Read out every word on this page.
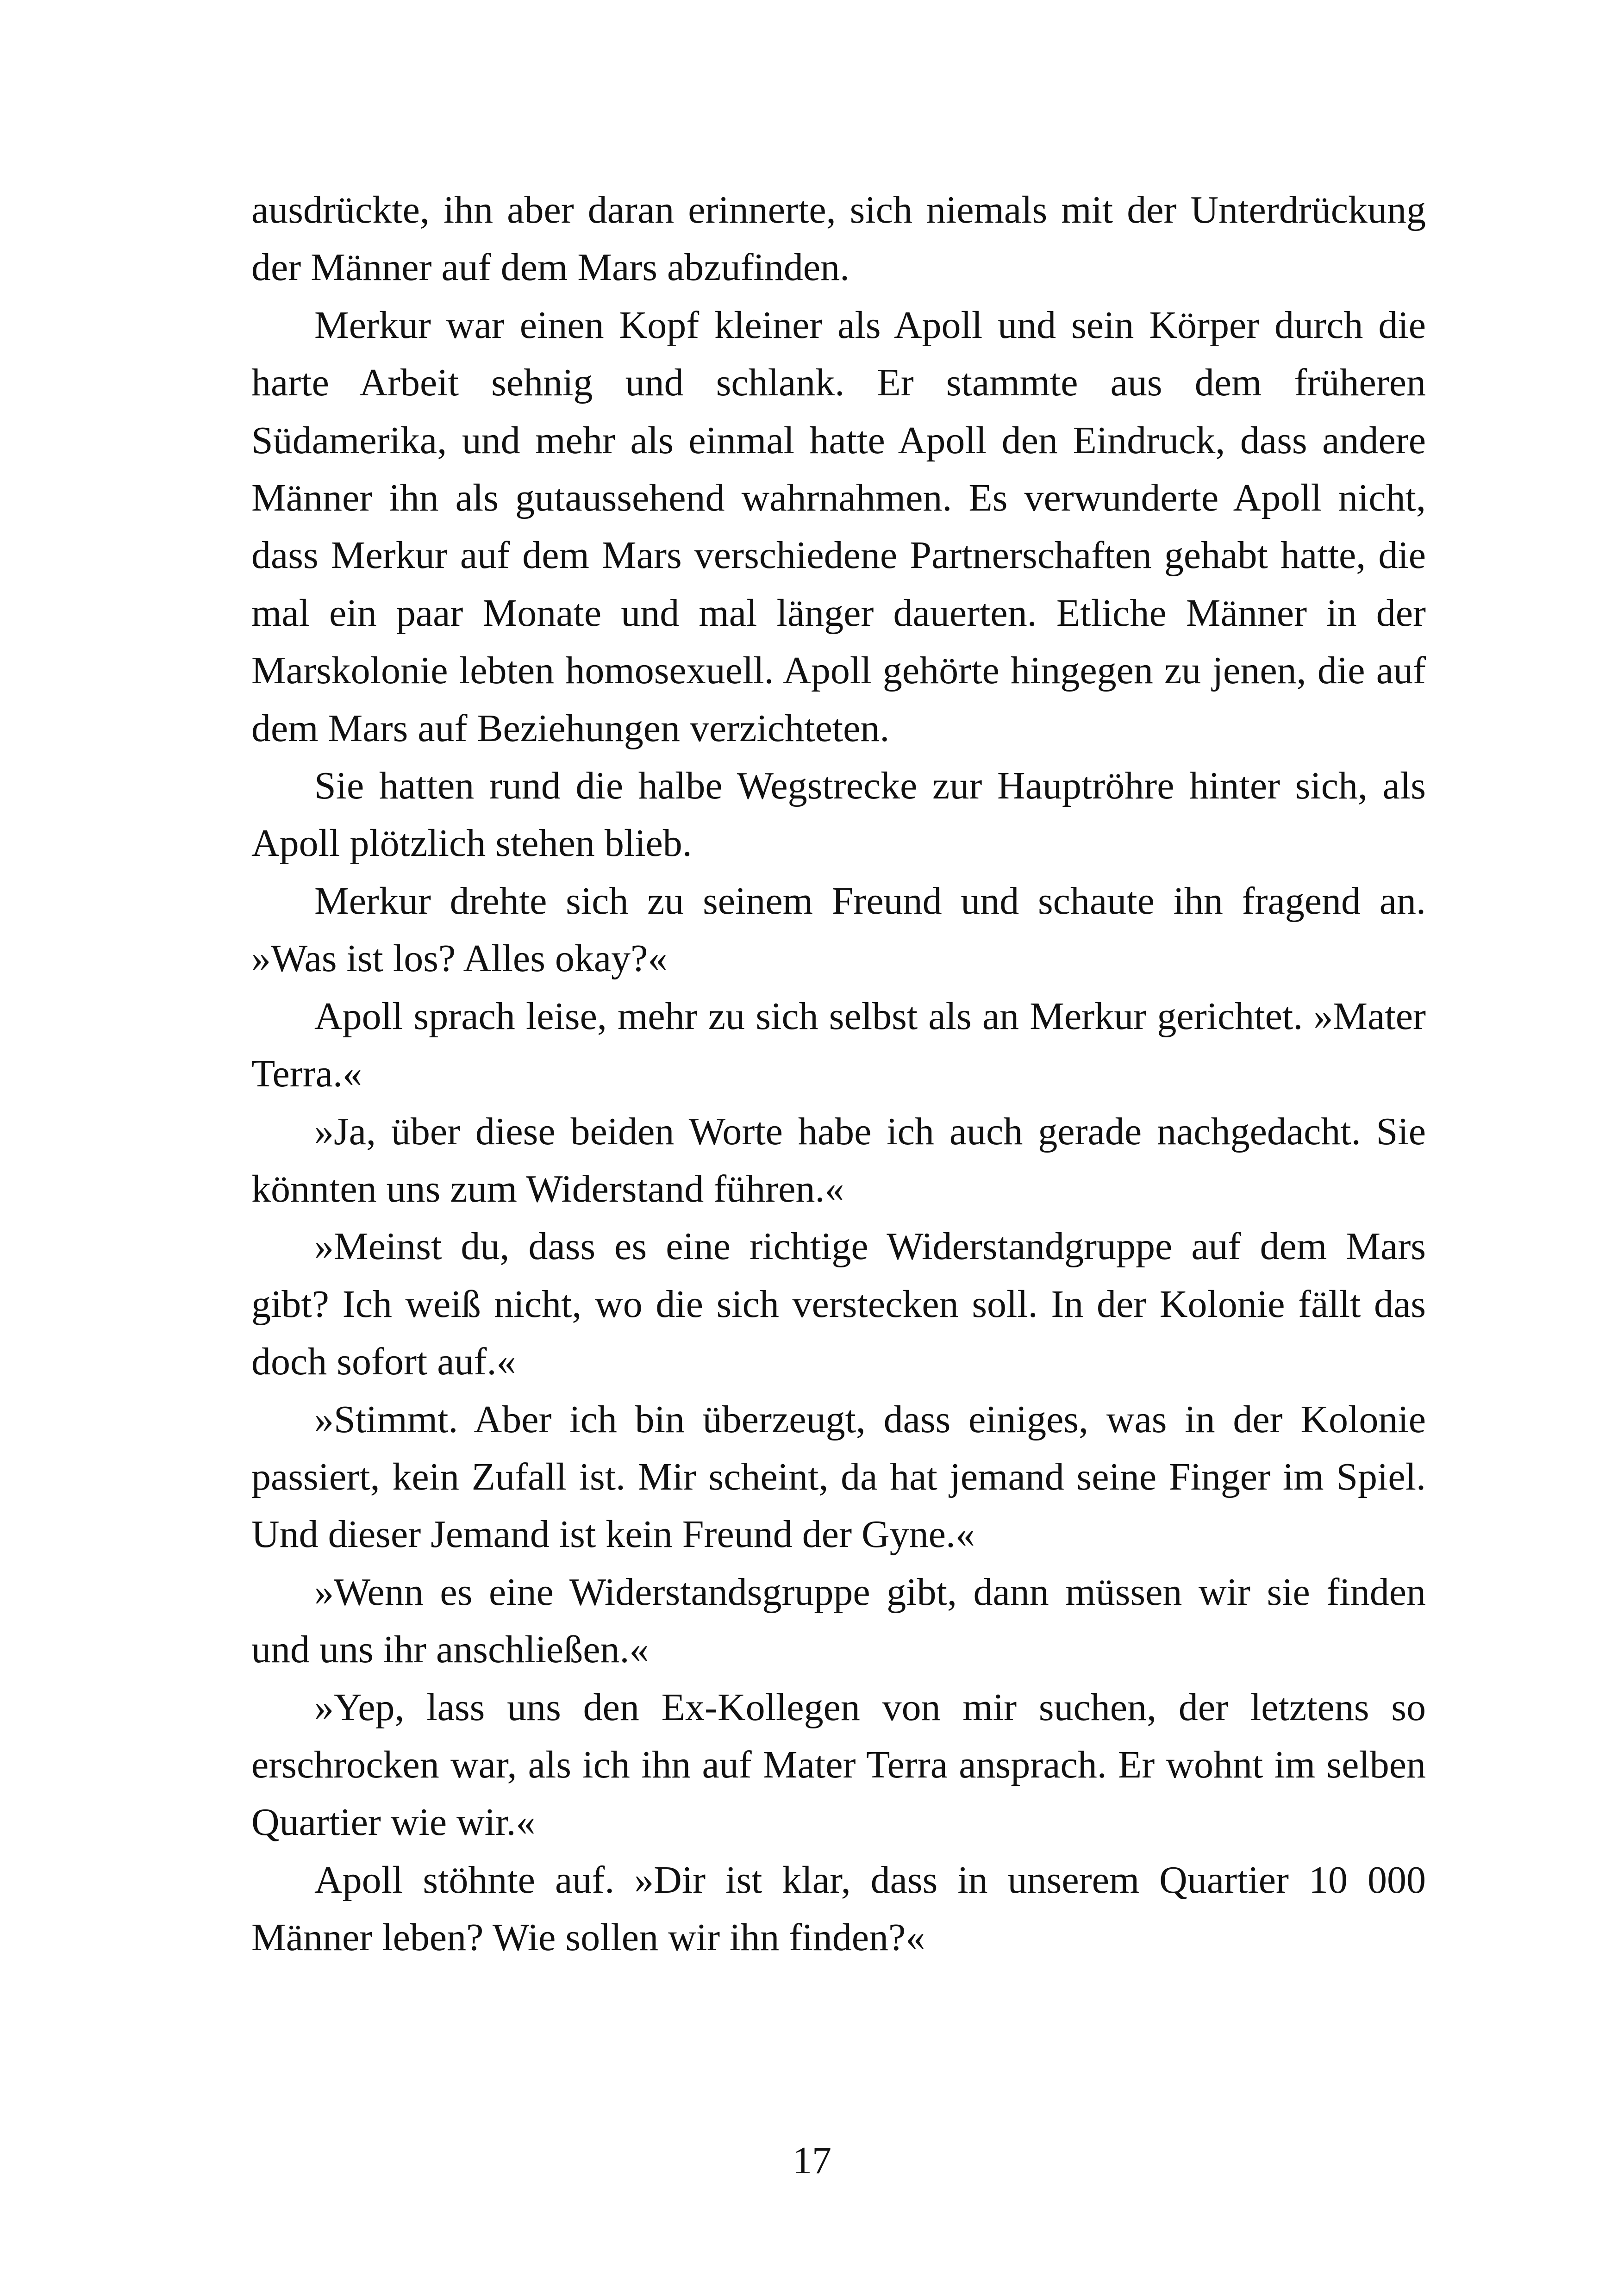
ausdrückte, ihn aber daran erinnerte, sich niemals mit der Unterdrückung der Männer auf dem Mars abzufinden.

Merkur war einen Kopf kleiner als Apoll und sein Körper durch die harte Arbeit sehnig und schlank. Er stammte aus dem früheren Südamerika, und mehr als einmal hatte Apoll den Eindruck, dass andere Männer ihn als gutaussehend wahrnahmen. Es verwunderte Apoll nicht, dass Merkur auf dem Mars verschiedene Partnerschaften gehabt hatte, die mal ein paar Monate und mal länger dauerten. Etliche Männer in der Marskolonie lebten homosexuell. Apoll gehörte hingegen zu jenen, die auf dem Mars auf Beziehungen verzichteten.

Sie hatten rund die halbe Wegstrecke zur Hauptröhre hinter sich, als Apoll plötzlich stehen blieb.

Merkur drehte sich zu seinem Freund und schaute ihn fragend an. »Was ist los? Alles okay?«

Apoll sprach leise, mehr zu sich selbst als an Merkur gerichtet. »Mater Terra.«

»Ja, über diese beiden Worte habe ich auch gerade nachgedacht. Sie könnten uns zum Widerstand führen.«

»Meinst du, dass es eine richtige Widerstandgruppe auf dem Mars gibt? Ich weiß nicht, wo die sich verstecken soll. In der Kolonie fällt das doch sofort auf.«

»Stimmt. Aber ich bin überzeugt, dass einiges, was in der Kolonie passiert, kein Zufall ist. Mir scheint, da hat jemand seine Finger im Spiel. Und dieser Jemand ist kein Freund der Gyne.«

»Wenn es eine Widerstandsgruppe gibt, dann müssen wir sie finden und uns ihr anschließen.«

»Yep, lass uns den Ex-Kollegen von mir suchen, der letztens so erschrocken war, als ich ihn auf Mater Terra ansprach. Er wohnt im selben Quartier wie wir.«

Apoll stöhnte auf. »Dir ist klar, dass in unserem Quartier 10 000 Männer leben? Wie sollen wir ihn finden?«

17
